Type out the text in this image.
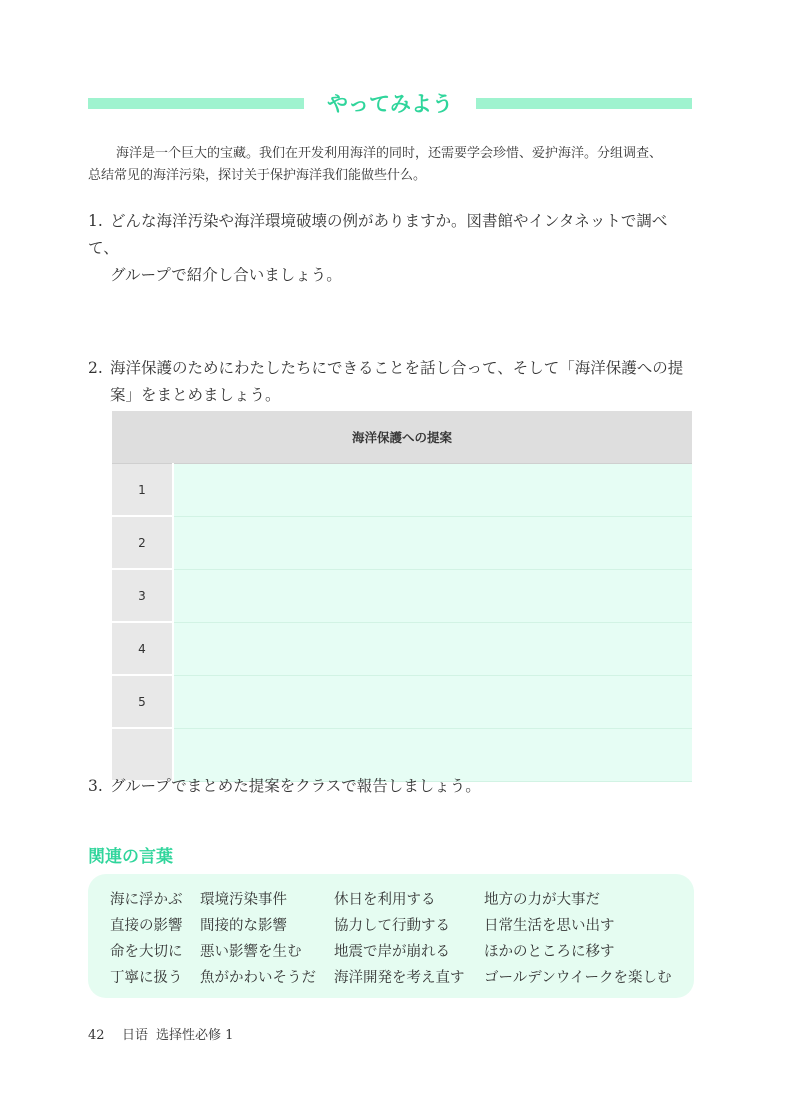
やってみよう
海洋是一个巨大的宝藏。我们在开发利用海洋的同时，还需要学会珍惜、爱护海洋。分组调查、
总结常见的海洋污染，探讨关于保护海洋我们能做些什么。
1. どんな海洋汚染や海洋環境破壊の例がありますか。図書館やインタネットで調べて、
グループで紹介し合いましょう。
2. 海洋保護のためにわたしたちにできることを話し合って、そして「海洋保護への提
案」をまとめましょう。
海洋保護への提案	
1	
2	
3	
4	
5	

3. グループでまとめた提案をクラスで報告しましょう。
関連の言葉
海に浮かぶ	環境汚染事件	休日を利用する	地方の力が大事だ
直接の影響	間接的な影響	協力して行動する	日常生活を思い出す
命を大切に	悪い影響を生む	地震で岸が崩れる	ほかのところに移す
丁寧に扱う	魚がかわいそうだ	海洋開発を考え直す	ゴールデンウイークを楽しむ
42 日语 选择性必修 1
